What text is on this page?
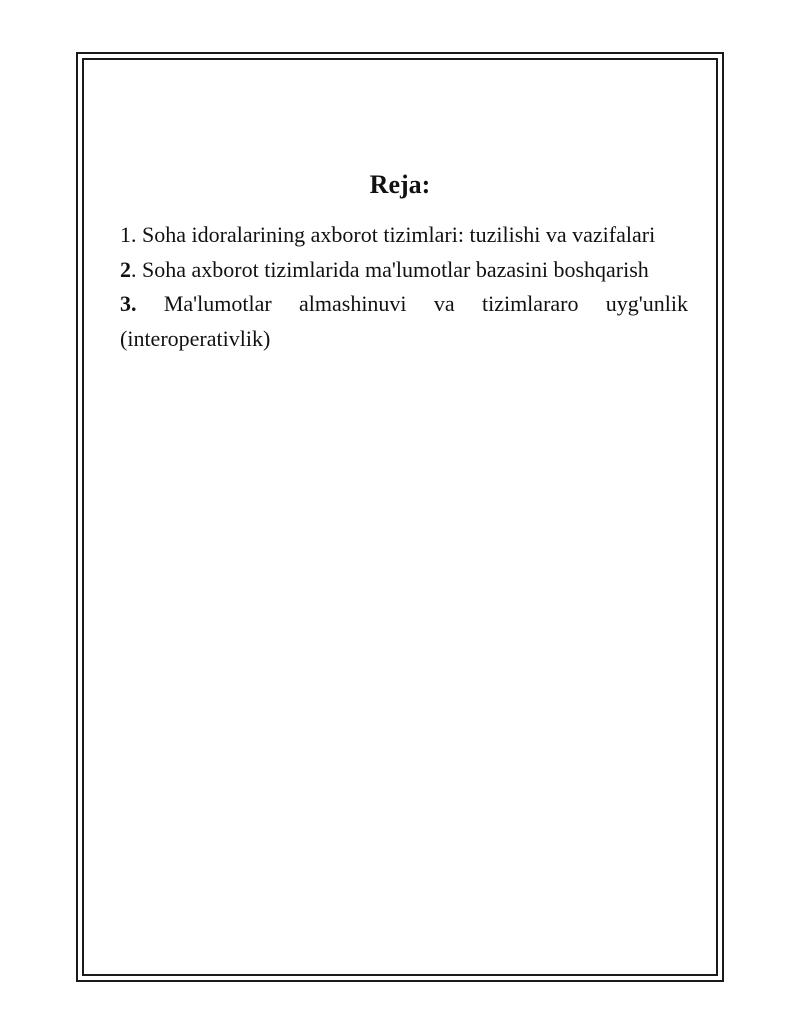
Reja:
1. Soha idoralarining axborot tizimlari: tuzilishi va vazifalari
2. Soha axborot tizimlarida ma'lumotlar bazasini boshqarish
3. Ma'lumotlar almashinuvi va tizimlararo uyg'unlik (interoperativlik)
